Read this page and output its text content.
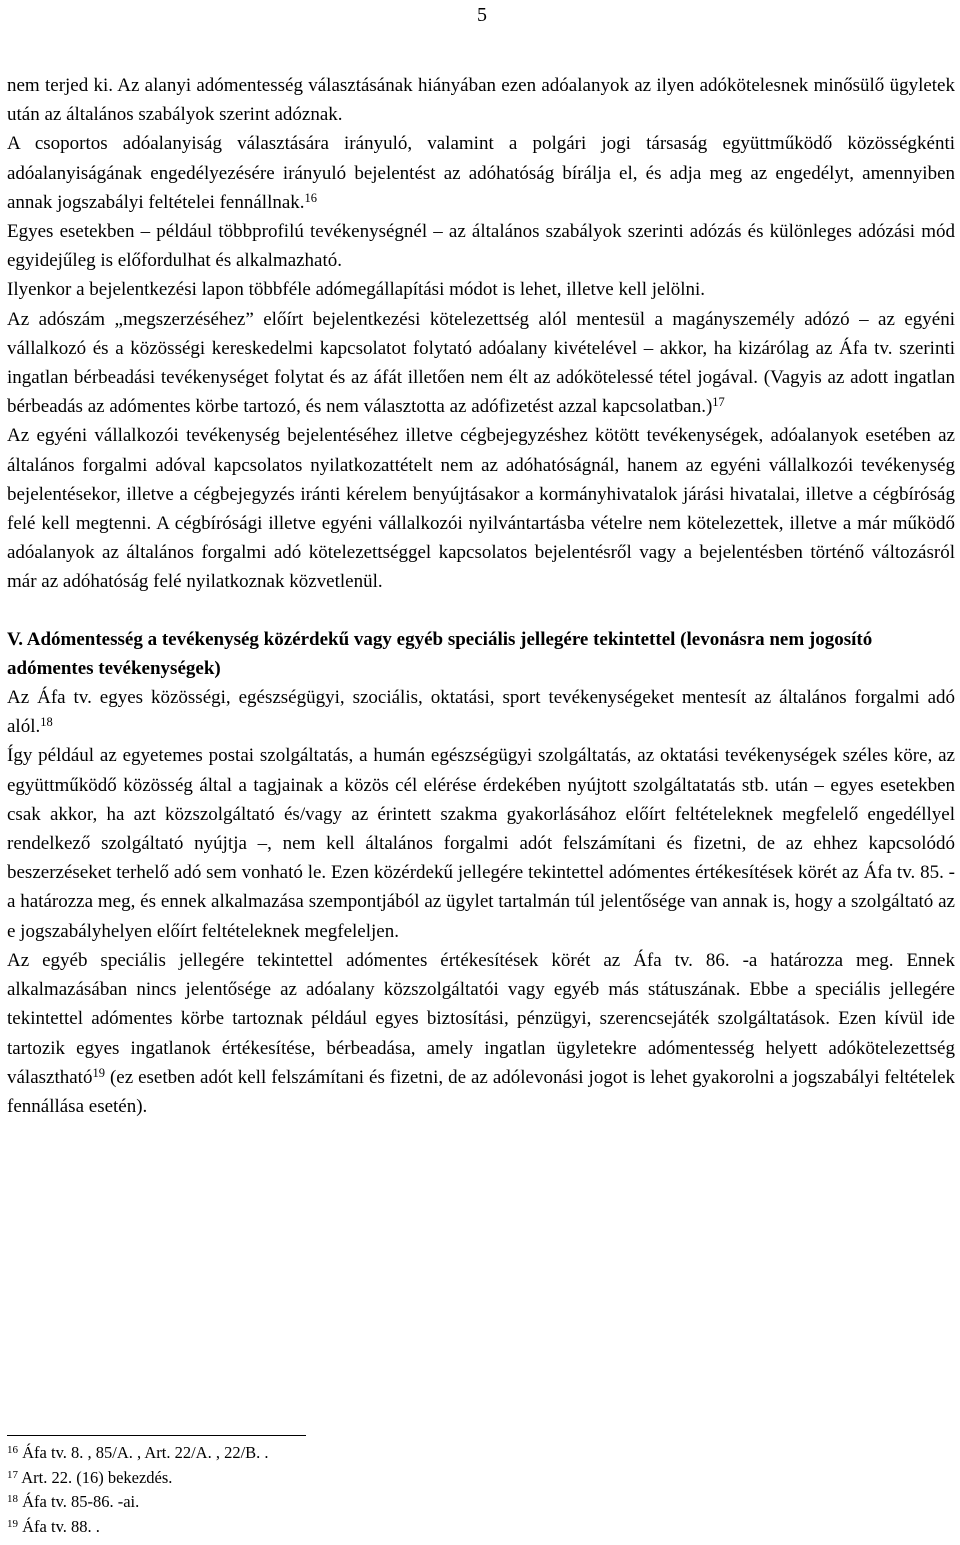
5

nem terjed ki. Az alanyi adómentesség választásának hiányában ezen adóalanyok az ilyen adókötelesnek minősülő ügyletek után az általános szabályok szerint adóznak.

A csoportos adóalanyiság választására irányuló, valamint a polgári jogi társaság együttműködő közösségkénti adóalanyiságának engedélyezésére irányuló bejelentést az adóhatóság bírálja el, és adja meg az engedélyt, amennyiben annak jogszabályi feltételei fennállnak.$^{16}$

Egyes esetekben – például többprofilú tevékenységnél – az általános szabályok szerinti adózás és különleges adózási mód egyidejűleg is előfordulhat és alkalmazható.

Ilyenkor a bejelentkezési lapon többféle adómegállapítási módot is lehet, illetve kell jelölni.

Az adószám „megszerzéséhez” előírt bejelentkezési kötelezettség alól mentesül a magányszemély adózó – az egyéni vállalkozó és a közösségi kereskedelmi kapcsolatot folytató adóalany kivételével – akkor, ha kizárólag az Áfa tv. szerinti ingatlan bérbeadási tevékenységet folytat és az áfát illetően nem élt az adókötelessé tétel jogával. (Vagyis az adott ingatlan bérbeadás az adómentes körbe tartozó, és nem választotta az adófizetést azzal kapcsolatban.)$^{17}$

Az egyéni vállalkozói tevékenység bejelentéséhez illetve cégbejegyzéshez kötött tevékenységek, adóalanyok esetében az általános forgalmi adóval kapcsolatos nyilatkozattételt nem az adóhatóságnál, hanem az egyéni vállalkozói tevékenység bejelentésekor, illetve a cégbejegyzés iránti kérelem benyújtásakor a kormányhivatalok járási hivatalai, illetve a cégbíróság felé kell megtenni. A cégbírósági illetve egyéni vállalkozói nyilvántartásba vételre nem kötelezettek, illetve a már működő adóalanyok az általános forgalmi adó kötelezettséggel kapcsolatos bejelentésről vagy a bejelentésben történő változásról már az adóhatóság felé nyilatkoznak közvetlenül.

V. Adómentesség a tevékenység közérdekű vagy egyéb speciális jellegére tekintettel (levonásra nem jogosító adómentes tevékenységek)

Az Áfa tv. egyes közösségi, egészségügyi, szociális, oktatási, sport tevékenységeket mentesít az általános forgalmi adó alól.$^{18}$

Így például az egyetemes postai szolgáltatás, a humán egészségügyi szolgáltatás, az oktatási tevékenységek széles köre, az együttműködő közösség által a tagjainak a közös cél elérése érdekében nyújtott szolgáltatatás stb. után – egyes esetekben csak akkor, ha azt közszolgáltató és/vagy az érintett szakma gyakorlásához előírt feltételeknek megfelelő engedéllyel rendelkező szolgáltató nyújtja –, nem kell általános forgalmi adót felszámítani és fizetni, de az ehhez kapcsolódó beszerzéseket terhelő adó sem vonható le. Ezen közérdekű jellegére tekintettel adómentes értékesítések körét az Áfa tv. 85. -a határozza meg, és ennek alkalmazása szempontjából az ügylet tartalmán túl jelentősége van annak is, hogy a szolgáltató az e jogszabályhelyen előírt feltételeknek megfeleljen.

Az egyéb speciális jellegére tekintettel adómentes értékesítések körét az Áfa tv. 86. -a határozza meg. Ennek alkalmazásában nincs jelentősége az adóalany közszolgáltatói vagy egyéb más státuszának. Ebbe a speciális jellegére tekintettel adómentes körbe tartoznak például egyes biztosítási, pénzügyi, szerencsejáték szolgáltatások. Ezen kívül ide tartozik egyes ingatlanok értékesítése, bérbeadása, amely ingatlan ügyletekre adómentesség helyett adókötelezettség választható$^{19}$ (ez esetben adót kell felszámítani és fizetni, de az adólevonási jogot is lehet gyakorolni a jogszabályi feltételek fennállása esetén).

$^{16}$ Áfa tv. 8. , 85/A. , Art. 22/A. , 22/B. .
$^{17}$ Art. 22. (16) bekezdés.
$^{18}$ Áfa tv. 85-86. -ai.
$^{19}$ Áfa tv. 88. .
